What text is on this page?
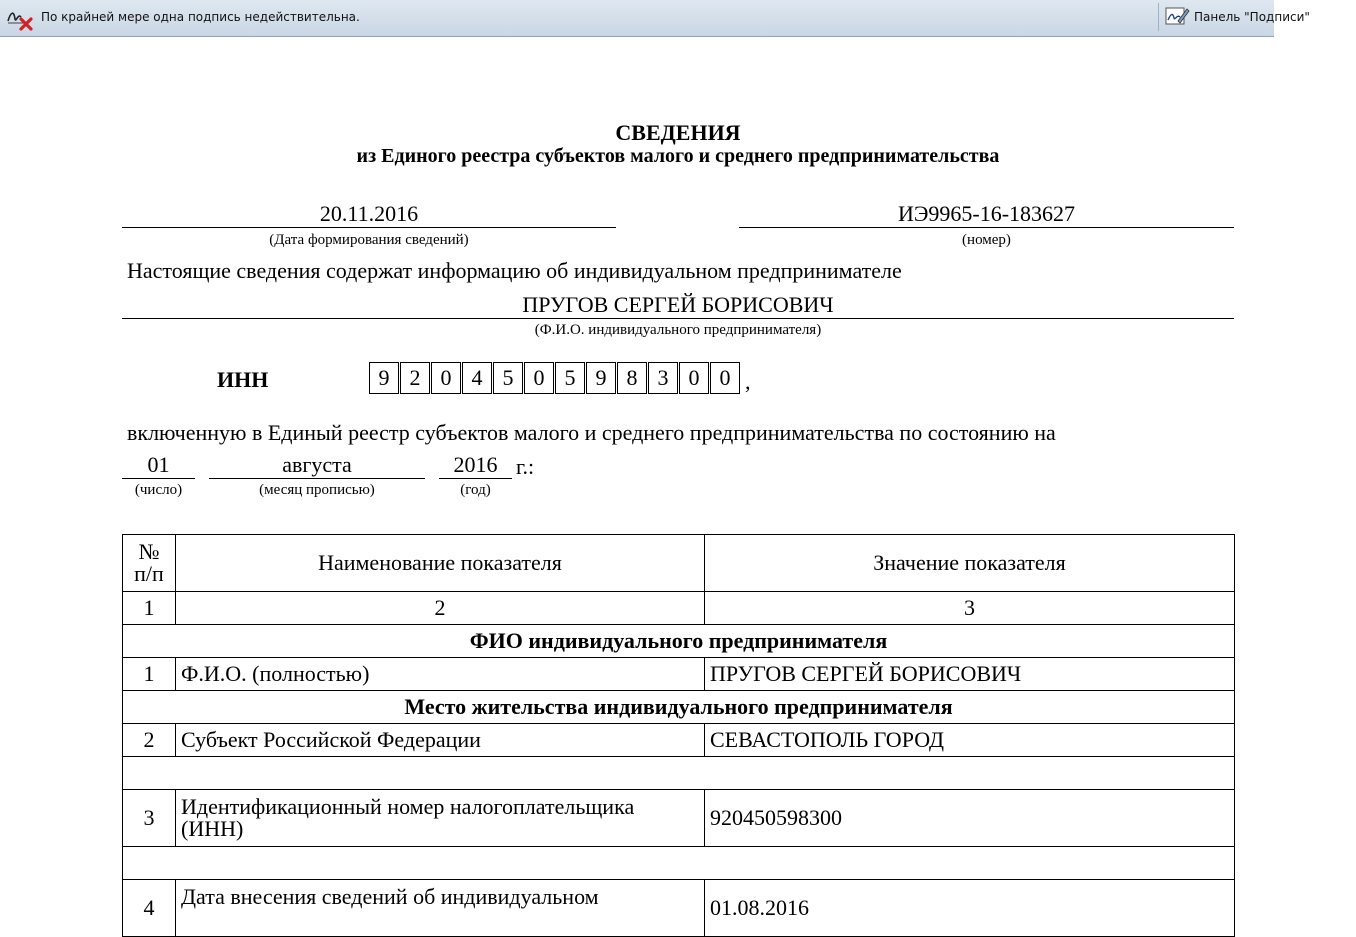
По крайней мере одна подпись недействительна.	Панель "Подписи"
СВЕДЕНИЯ
из Единого реестра субъектов малого и среднего предпринимательства
20.11.2016
(Дата формирования сведений)
ИЭ9965-16-183627
(номер)
Настоящие сведения содержат информацию об индивидуальном предпринимателе
ПРУГОВ СЕРГЕЙ БОРИСОВИЧ
(Ф.И.О. индивидуального предпринимателя)
ИНН	9 2 0 4 5 0 5 9 8 3 0 0 ,
включенную в Единый реестр субъектов малого и среднего предпринимательства по состоянию на
01
(число)
августа
(месяц прописью)
2016
(год)
г.:
№
п/п	Наименование показателя	Значение показателя
1	2	3
ФИО индивидуального предпринимателя		
1	Ф.И.О. (полностью)	ПРУГОВ СЕРГЕЙ БОРИСОВИЧ
Место жительства индивидуального предпринимателя		
2	Субъект Российской Федерации	СЕВАСТОПОЛЬ ГОРОД

3	Идентификационный номер налогоплательщика
(ИНН)	920450598300

4	Дата внесения сведений об индивидуальном	01.08.2016
